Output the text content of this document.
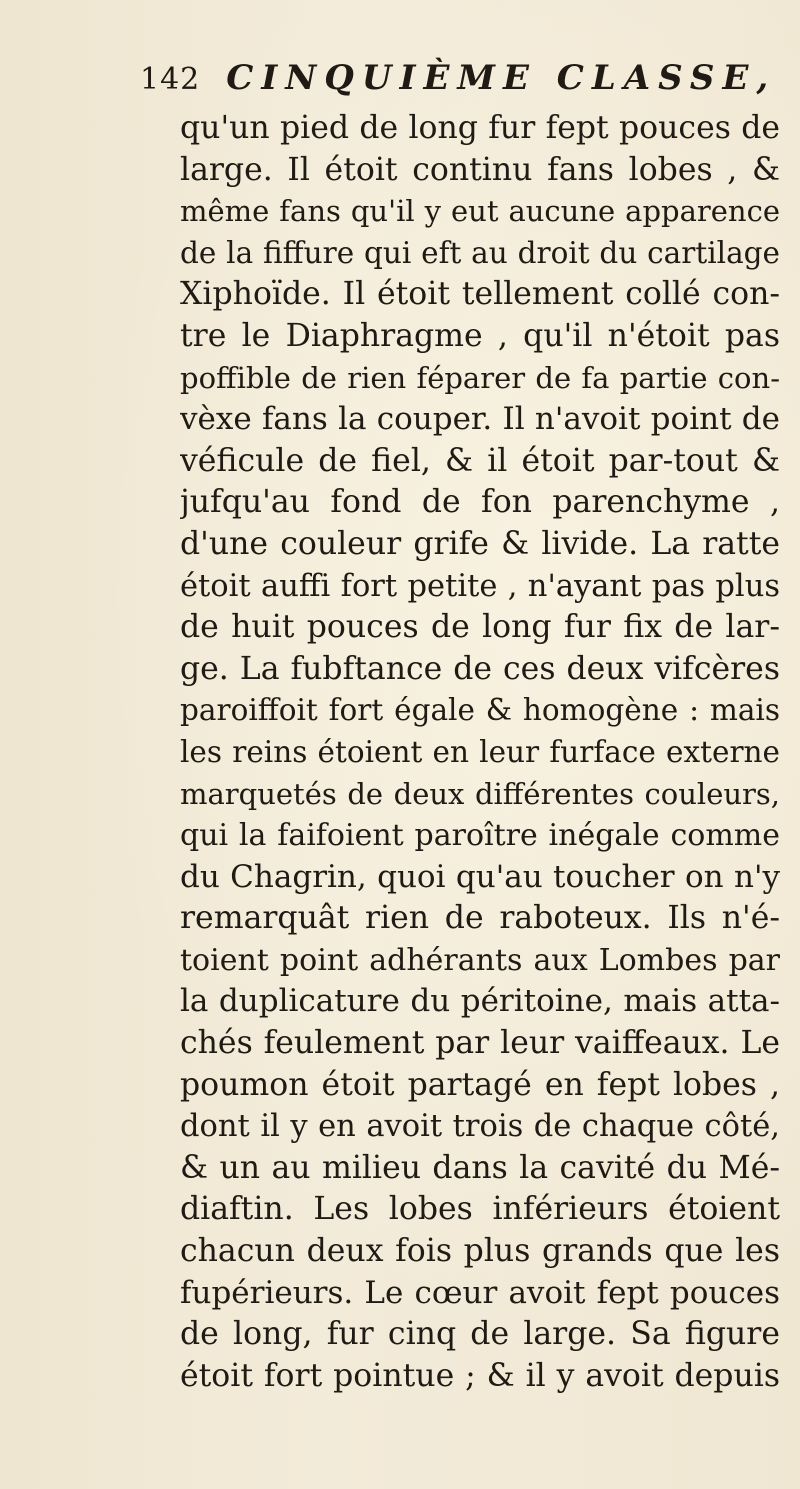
142 CINQUIÈME CLASSE,
qu'un pied de long fur fept pouces de
large. Il étoit continu fans lobes , &
même fans qu'il y eut aucune apparence
de la fiffure qui eft au droit du cartilage
Xiphoïde. Il étoit tellement collé con-
tre le Diaphragme , qu'il n'étoit pas
poffible de rien féparer de fa partie con-
vèxe fans la couper. Il n'avoit point de
véficule de fiel, & il étoit par-tout &
jufqu'au fond de fon parenchyme ,
d'une couleur grife & livide. La ratte
étoit auffi fort petite , n'ayant pas plus
de huit pouces de long fur fix de lar-
ge. La fubftance de ces deux vifcères
paroiffoit fort égale & homogène : mais
les reins étoient en leur furface externe
marquetés de deux différentes couleurs,
qui la faifoient paroître inégale comme
du Chagrin, quoi qu'au toucher on n'y
remarquât rien de raboteux. Ils n'é-
toient point adhérants aux Lombes par
la duplicature du péritoine, mais atta-
chés feulement par leur vaiffeaux. Le
poumon étoit partagé en fept lobes ,
dont il y en avoit trois de chaque côté,
& un au milieu dans la cavité du Mé-
diaftin. Les lobes inférieurs étoient
chacun deux fois plus grands que les
fupérieurs. Le cœur avoit fept pouces
de long, fur cinq de large. Sa figure
étoit fort pointue ; & il y avoit depuis
